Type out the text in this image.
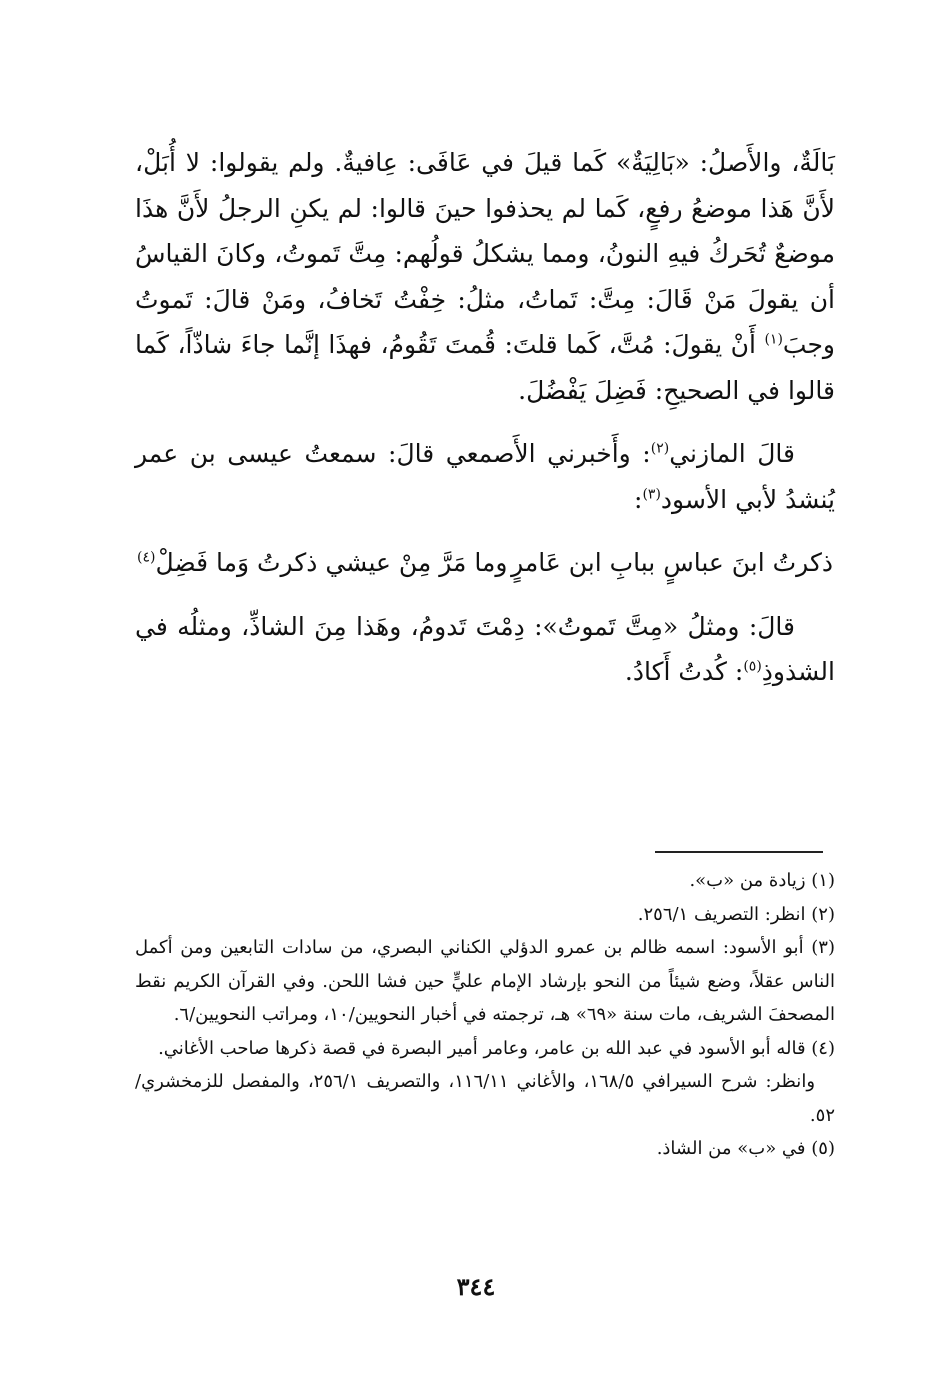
بَالَةٌ، والأَصلُ: «بَالِيَةٌ» كَما قيلَ في عَافَى: عِافيةٌ. ولم يقولوا: لا أُبَلْ، لأَنَّ هَذا موضعُ رفعٍ، كَما لم يحذفوا حينَ قالوا: لم يكنِ الرجلُ لأَنَّ هذَا موضعٌ تُحَركُ فيهِ النونُ، ومما يشكلُ قولُهم: مِتَّ تَموتُ، وكانَ القياسُ أن يقولَ مَنْ قَالَ: مِتَّ: تَماتُ، مثلُ: خِفْتُ تَخافُ، ومَنْ قالَ: تَموتُ وجبَ$^{(١)}$ أَنْ يقولَ: مُتَّ، كَما قلتَ: قُمتَ تَقُومُ، فهذَا إنَّما جاءَ شاذّاً، كَما قالوا في الصحيحِ: فَضِلَ يَفْضُلَ.

قالَ المازني$^{(٢)}$: وأَخبرني الأَصمعي قالَ: سمعتُ عيسى بن عمر يُنشدُ لأبي الأسود$^{(٣)}$:

ذكرتُ ابنَ عباسٍ ببابِ ابن عَامرٍ
وما مَرَّ مِنْ عيشي ذكرتُ وَما فَضِلْ$^{(٤)}$

قالَ: ومثلُ «مِتَّ تَموتُ»: دِمْتَ تَدومُ، وهَذا مِنَ الشاذِّ، ومثلُه في الشذوذِ$^{(٥)}$: كُدتُ أَكادُ.

(١) زيادة من «ب».

(٢) انظر: التصريف ٢٥٦/١.

(٣) أبو الأسود: اسمه ظالم بن عمرو الدؤلي الكناني البصري، من سادات التابعين ومن أكمل الناس عقلاً، وضع شيئاً من النحو بإرشاد الإمام عليٍّ حين فشا اللحن. وفي القرآن الكريم نقط المصحفَ الشريف، مات سنة «٦٩» هـ، ترجمته في أخبار النحويين/١٠، ومراتب النحويين/٦.

(٤) قاله أبو الأسود في عبد الله بن عامر، وعامر أمير البصرة في قصة ذكرها صاحب الأغاني.

وانظر: شرح السيرافي ١٦٨/٥، والأغاني ١١٦/١١، والتصريف ٢٥٦/١، والمفصل للزمخشري/٥٢.

(٥) في «ب» من الشاذ.

٣٤٤
